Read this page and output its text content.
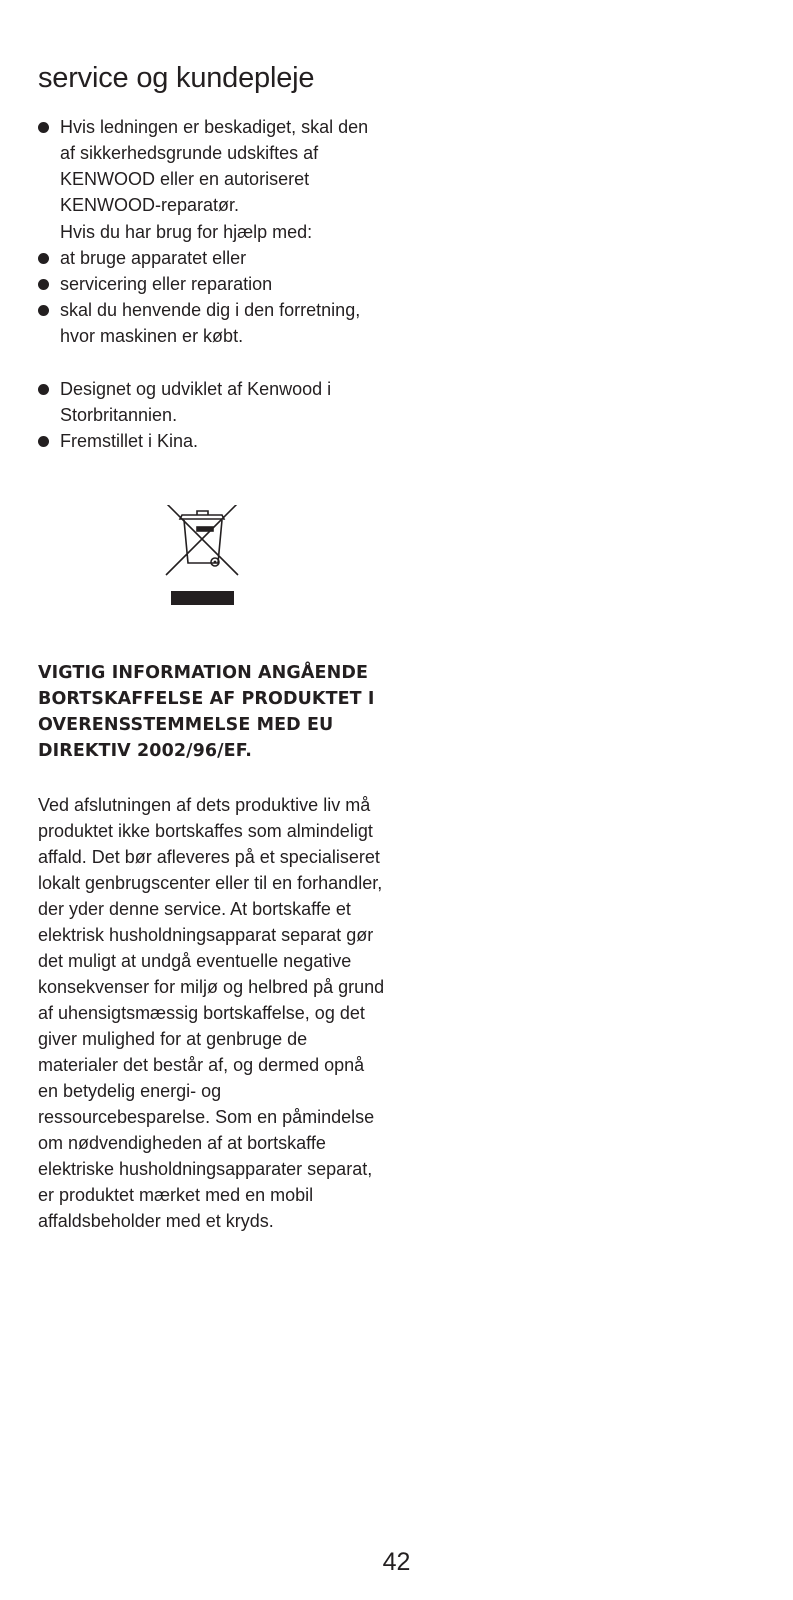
service og kundepleje
Hvis ledningen er beskadiget, skal den af sikkerhedsgrunde udskiftes af KENWOOD eller en autoriseret KENWOOD-reparatør.

Hvis du har brug for hjælp med:

at bruge apparatet eller
servicering eller reparation
skal du henvende dig i den forretning, hvor maskinen er købt.
Designet og udviklet af Kenwood i Storbritannien.
Fremstillet i Kina.
VIGTIG INFORMATION ANGÅENDE BORTSKAFFELSE AF PRODUKTET I OVERENSSTEMMELSE MED EU DIREKTIV 2002/96/EF.

Ved afslutningen af dets produktive liv må produktet ikke bortskaffes som almindeligt affald. Det bør afleveres på et specialiseret lokalt genbrugscenter eller til en forhandler, der yder denne service. At bortskaffe et elektrisk husholdningsapparat separat gør det muligt at undgå eventuelle negative konsekvenser for miljø og helbred på grund af uhensigtsmæssig bortskaffelse, og det giver mulighed for at genbruge de materialer det består af, og dermed opnå en betydelig energi- og ressourcebesparelse. Som en påmindelse om nødvendigheden af at bortskaffe elektriske husholdningsapparater separat, er produktet mærket med en mobil affaldsbeholder med et kryds.

42
